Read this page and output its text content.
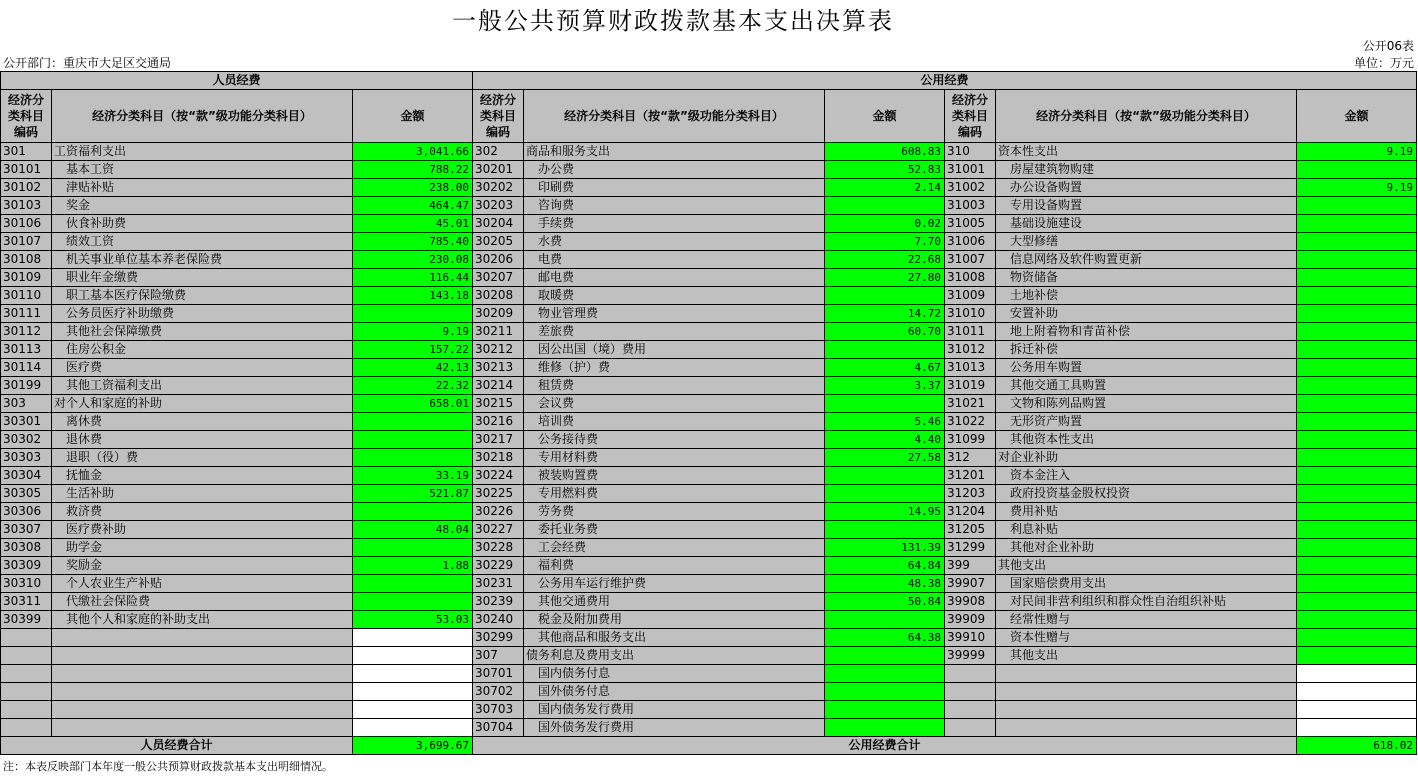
一般公共预算财政拨款基本支出决算表
公开06表
公开部门：重庆市大足区交通局	单位：万元
人员经费			公用经费					
经济分类科目编码	经济分类科目（按“款”级功能分类科目）	金额	经济分类科目编码	经济分类科目（按“款”级功能分类科目）	金额	经济分类科目编码	经济分类科目（按“款”级功能分类科目）	金额
301	工资福利支出	3,041.66	302	商品和服务支出	608.83	310	资本性支出	9.19
30101	基本工资	788.22	30201	办公费	52.83	31001	房屋建筑物购建	
30102	津贴补贴	238.00	30202	印刷费	2.14	31002	办公设备购置	9.19
30103	奖金	464.47	30203	咨询费		31003	专用设备购置	
30106	伙食补助费	45.01	30204	手续费	0.02	31005	基础设施建设	
30107	绩效工资	785.40	30205	水费	7.70	31006	大型修缮	
30108	机关事业单位基本养老保险费	230.08	30206	电费	22.68	31007	信息网络及软件购置更新	
30109	职业年金缴费	116.44	30207	邮电费	27.80	31008	物资储备	
30110	职工基本医疗保险缴费	143.18	30208	取暖费		31009	土地补偿	
30111	公务员医疗补助缴费		30209	物业管理费	14.72	31010	安置补助	
30112	其他社会保障缴费	9.19	30211	差旅费	60.70	31011	地上附着物和青苗补偿	
30113	住房公积金	157.22	30212	因公出国（境）费用		31012	拆迁补偿	
30114	医疗费	42.13	30213	维修（护）费	4.67	31013	公务用车购置	
30199	其他工资福利支出	22.32	30214	租赁费	3.37	31019	其他交通工具购置	
303	对个人和家庭的补助	658.01	30215	会议费		31021	文物和陈列品购置	
30301	离休费		30216	培训费	5.46	31022	无形资产购置	
30302	退休费		30217	公务接待费	4.40	31099	其他资本性支出	
30303	退职（役）费		30218	专用材料费	27.58	312	对企业补助	
30304	抚恤金	33.19	30224	被装购置费		31201	资本金注入	
30305	生活补助	521.87	30225	专用燃料费		31203	政府投资基金股权投资	
30306	救济费		30226	劳务费	14.95	31204	费用补贴	
30307	医疗费补助	48.04	30227	委托业务费		31205	利息补贴	
30308	助学金		30228	工会经费	131.39	31299	其他对企业补助	
30309	奖励金	1.88	30229	福利费	64.84	399	其他支出	
30310	个人农业生产补贴		30231	公务用车运行维护费	48.38	39907	国家赔偿费用支出	
30311	代缴社会保险费		30239	其他交通费用	50.84	39908	对民间非营利组织和群众性自治组织补贴	
30399	其他个人和家庭的补助支出	53.03	30240	税金及附加费用		39909	经常性赠与	
			30299	其他商品和服务支出	64.38	39910	资本性赠与	
			307	债务利息及费用支出		39999	其他支出	
			30701	国内债务付息				
			30702	国外债务付息				
			30703	国内债务发行费用				
			30704	国外债务发行费用				
人员经费合计		3,699.67	公用经费合计					618.02
注：本表反映部门本年度一般公共预算财政拨款基本支出明细情况。
